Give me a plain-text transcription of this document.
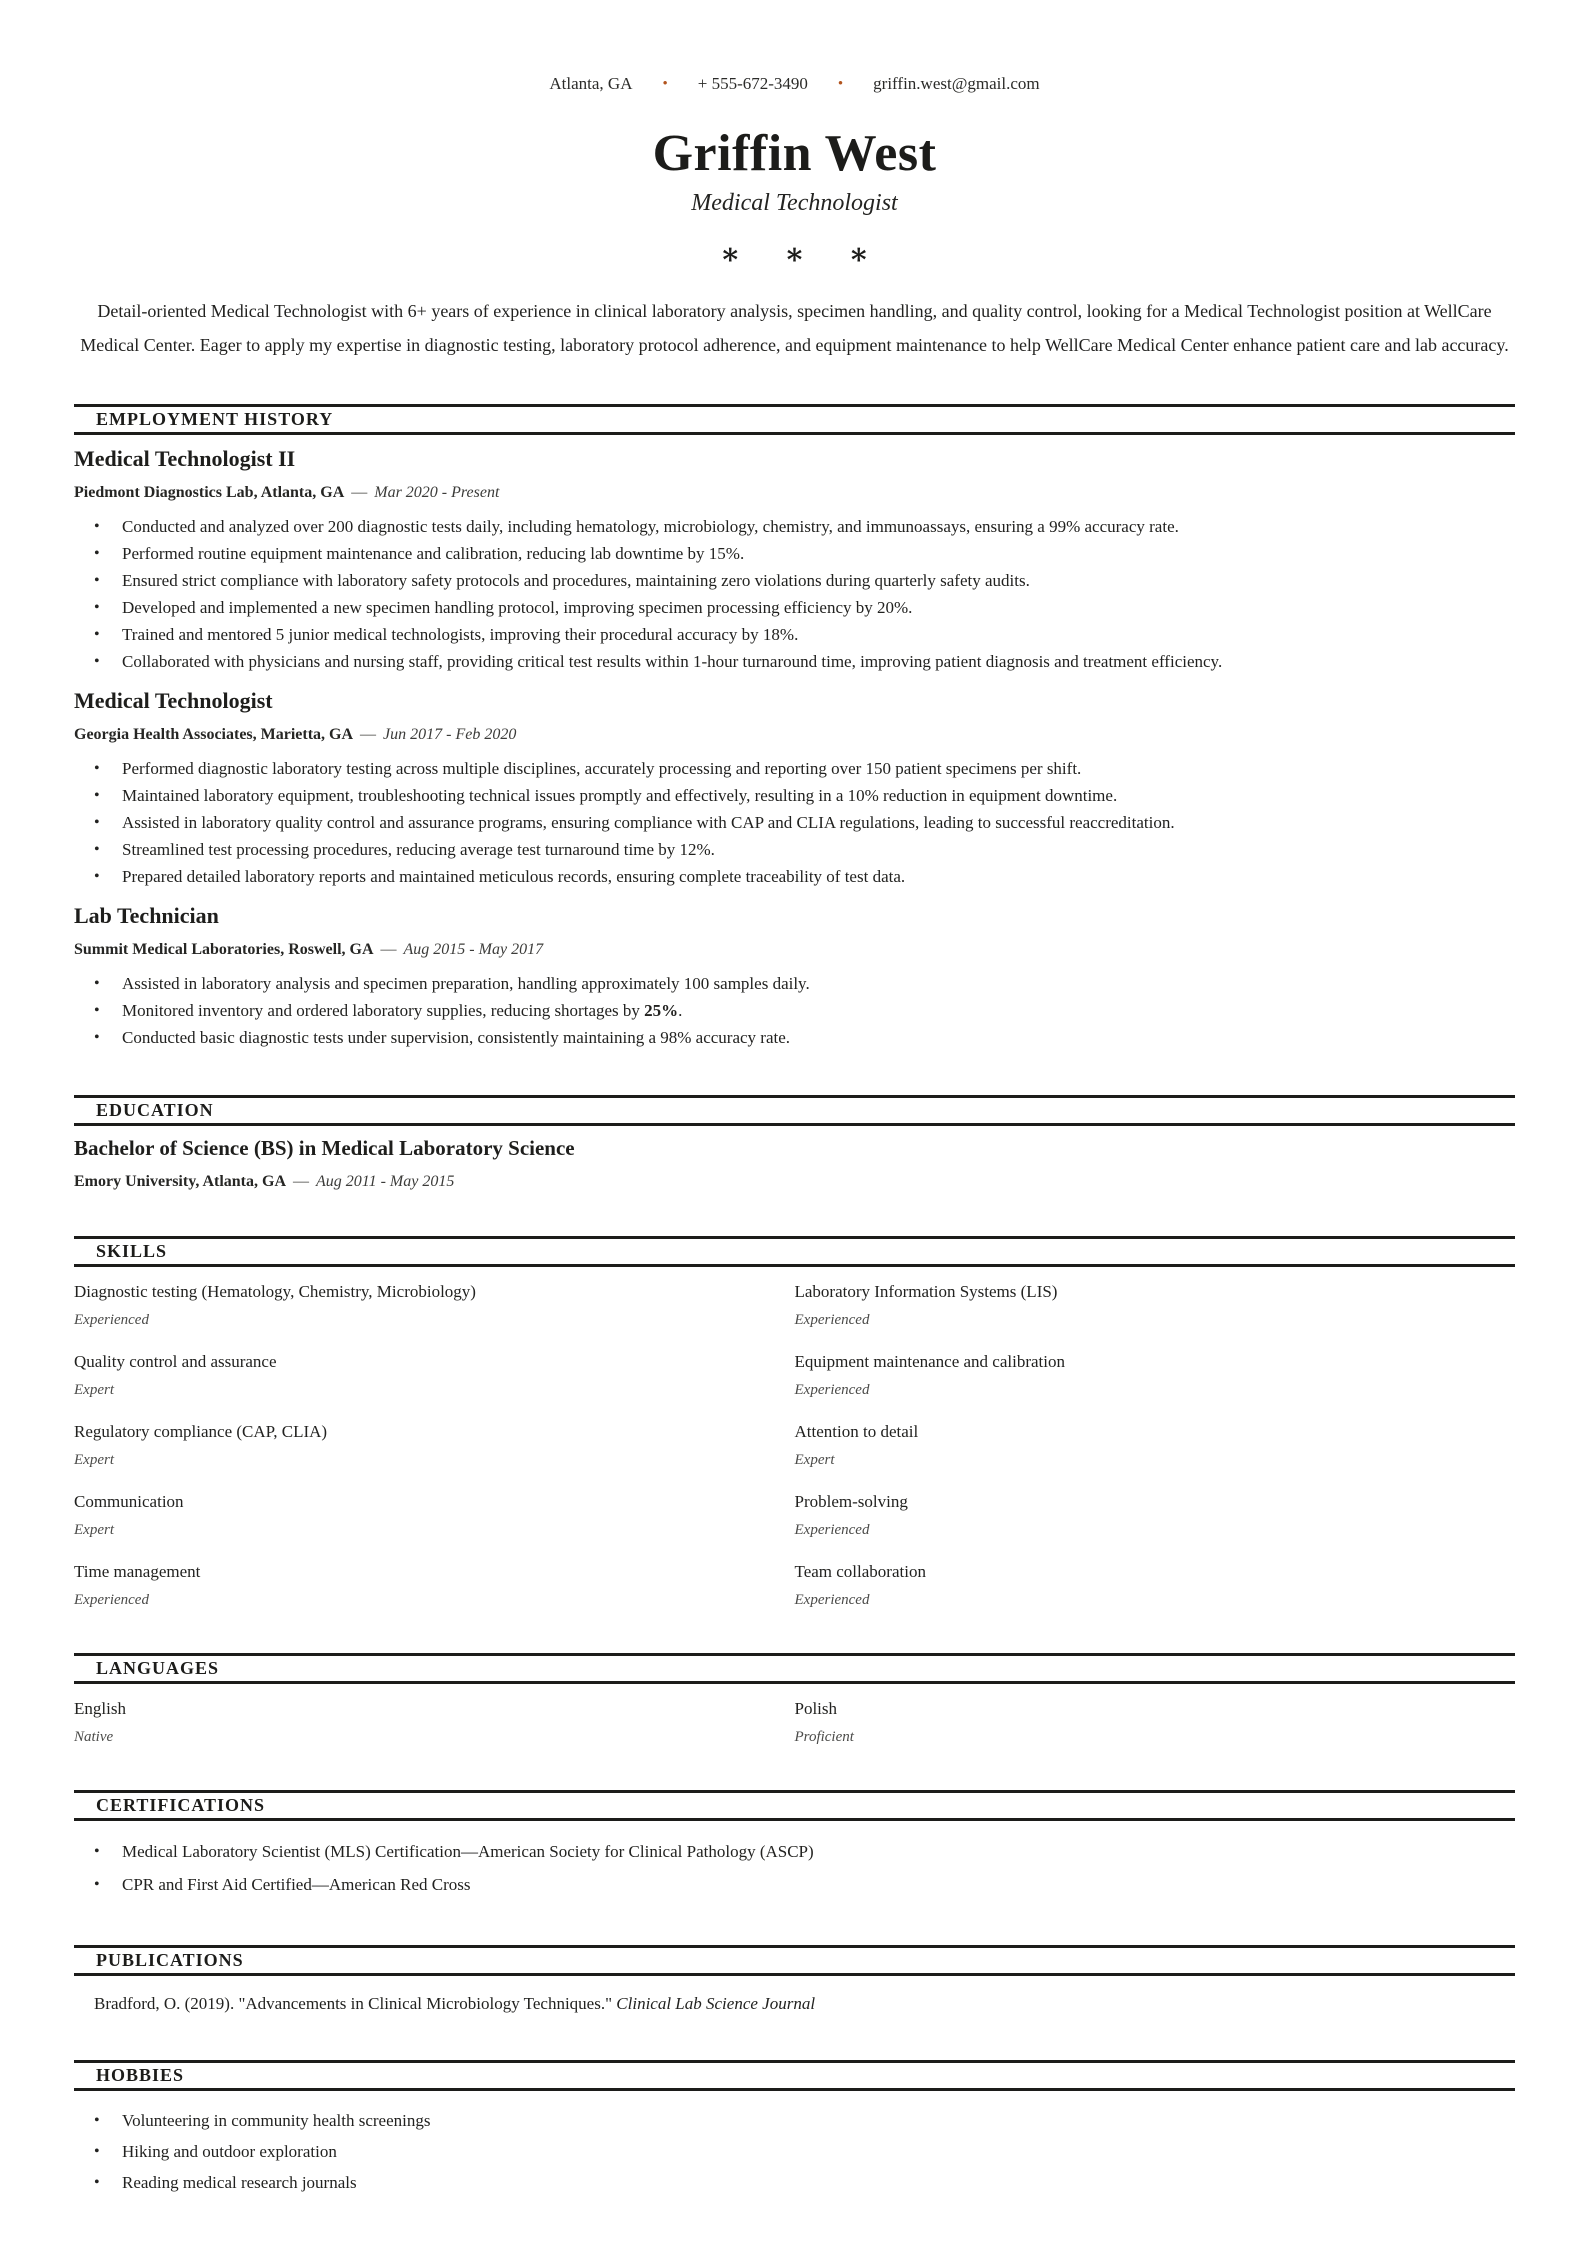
Atlanta, GA • + 555-672-3490 • griffin.west@gmail.com
Griffin West
Medical Technologist
∗ ∗ ∗

Detail-oriented Medical Technologist with 6+ years of experience in clinical laboratory analysis, specimen handling, and quality control, looking for a Medical Technologist position at WellCare Medical Center. Eager to apply my expertise in diagnostic testing, laboratory protocol adherence, and equipment maintenance to help WellCare Medical Center enhance patient care and lab accuracy.

EMPLOYMENT HISTORY
Medical Technologist II
Piedmont Diagnostics Lab, Atlanta, GA — Mar 2020 - Present
• Conducted and analyzed over 200 diagnostic tests daily, including hematology, microbiology, chemistry, and immunoassays, ensuring a 99% accuracy rate.
• Performed routine equipment maintenance and calibration, reducing lab downtime by 15%.
• Ensured strict compliance with laboratory safety protocols and procedures, maintaining zero violations during quarterly safety audits.
• Developed and implemented a new specimen handling protocol, improving specimen processing efficiency by 20%.
• Trained and mentored 5 junior medical technologists, improving their procedural accuracy by 18%.
• Collaborated with physicians and nursing staff, providing critical test results within 1-hour turnaround time, improving patient diagnosis and treatment efficiency.
Medical Technologist
Georgia Health Associates, Marietta, GA — Jun 2017 - Feb 2020
• Performed diagnostic laboratory testing across multiple disciplines, accurately processing and reporting over 150 patient specimens per shift.
• Maintained laboratory equipment, troubleshooting technical issues promptly and effectively, resulting in a 10% reduction in equipment downtime.
• Assisted in laboratory quality control and assurance programs, ensuring compliance with CAP and CLIA regulations, leading to successful reaccreditation.
• Streamlined test processing procedures, reducing average test turnaround time by 12%.
• Prepared detailed laboratory reports and maintained meticulous records, ensuring complete traceability of test data.
Lab Technician
Summit Medical Laboratories, Roswell, GA — Aug 2015 - May 2017
• Assisted in laboratory analysis and specimen preparation, handling approximately 100 samples daily.
• Monitored inventory and ordered laboratory supplies, reducing shortages by 25%.
• Conducted basic diagnostic tests under supervision, consistently maintaining a 98% accuracy rate.
EDUCATION
Bachelor of Science (BS) in Medical Laboratory Science
Emory University, Atlanta, GA — Aug 2011 - May 2015
SKILLS
Diagnostic testing (Hematology, Chemistry, Microbiology)
Experienced
Laboratory Information Systems (LIS)
Experienced
Quality control and assurance
Expert
Equipment maintenance and calibration
Experienced
Regulatory compliance (CAP, CLIA)
Expert
Attention to detail
Expert
Communication
Expert
Problem-solving
Experienced
Time management
Experienced
Team collaboration
Experienced
LANGUAGES
English
Native
Polish
Proficient
CERTIFICATIONS
• Medical Laboratory Scientist (MLS) Certification—American Society for Clinical Pathology (ASCP)
• CPR and First Aid Certified—American Red Cross
PUBLICATIONS

Bradford, O. (2019). "Advancements in Clinical Microbiology Techniques." Clinical Lab Science Journal

HOBBIES
• Volunteering in community health screenings
• Hiking and outdoor exploration
• Reading medical research journals
